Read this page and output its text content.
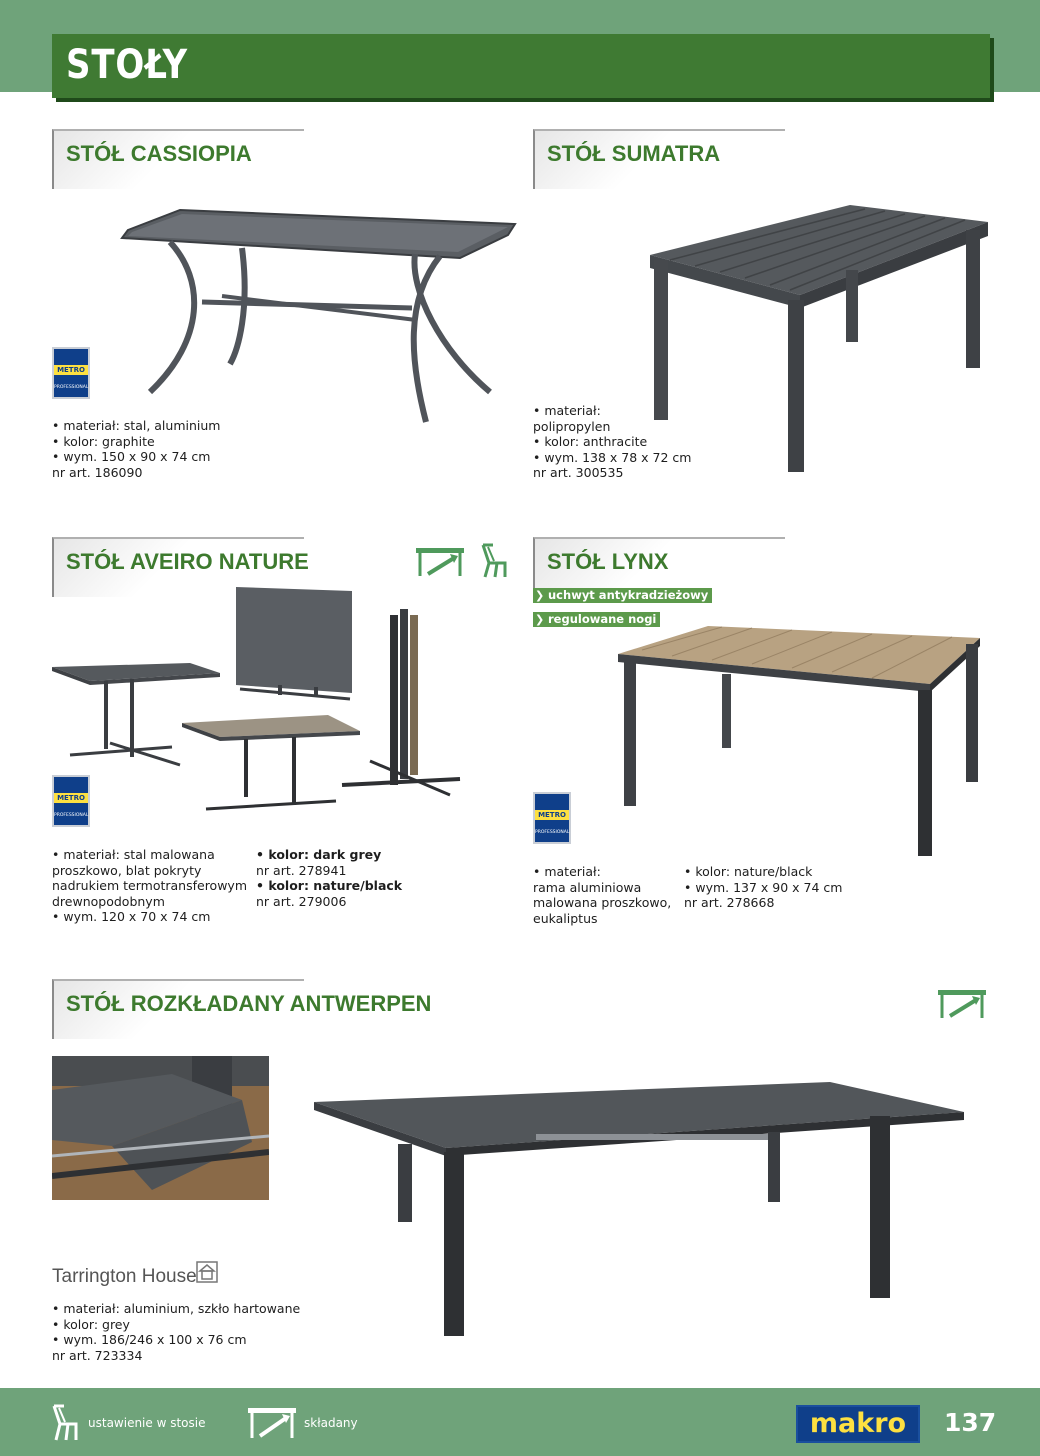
STOŁY
STÓŁ CASSIOPIA
METRO
PROFESSIONAL
• materiał: stal, aluminium
• kolor: graphite
• wym. 150 x 90 x 74 cm
nr art. 186090
STÓŁ SUMATRA
• materiał:
polipropylen
• kolor: anthracite
• wym. 138 x 78 x 72 cm
nr art. 300535
STÓŁ AVEIRO NATURE
METRO
PROFESSIONAL
• materiał: stal malowana
proszkowo, blat pokryty
nadrukiem termotransferowym
drewnopodobnym
• wym. 120 x 70 x 74 cm
• kolor: dark grey
nr art. 278941
• kolor: nature/black
nr art. 279006
STÓŁ LYNX
❯ uchwyt antykradzieżowy
❯ regulowane nogi
METRO
PROFESSIONAL
• materiał:
rama aluminiowa
malowana proszkowo,
eukaliptus
• kolor: nature/black
• wym. 137 x 90 x 74 cm
nr art. 278668
STÓŁ ROZKŁADANY ANTWERPEN
Tarrington House
• materiał: aluminium, szkło hartowane
• kolor: grey
• wym. 186/246 x 100 x 76 cm
nr art. 723334
ustawienie w stosie	składany	makro	137
